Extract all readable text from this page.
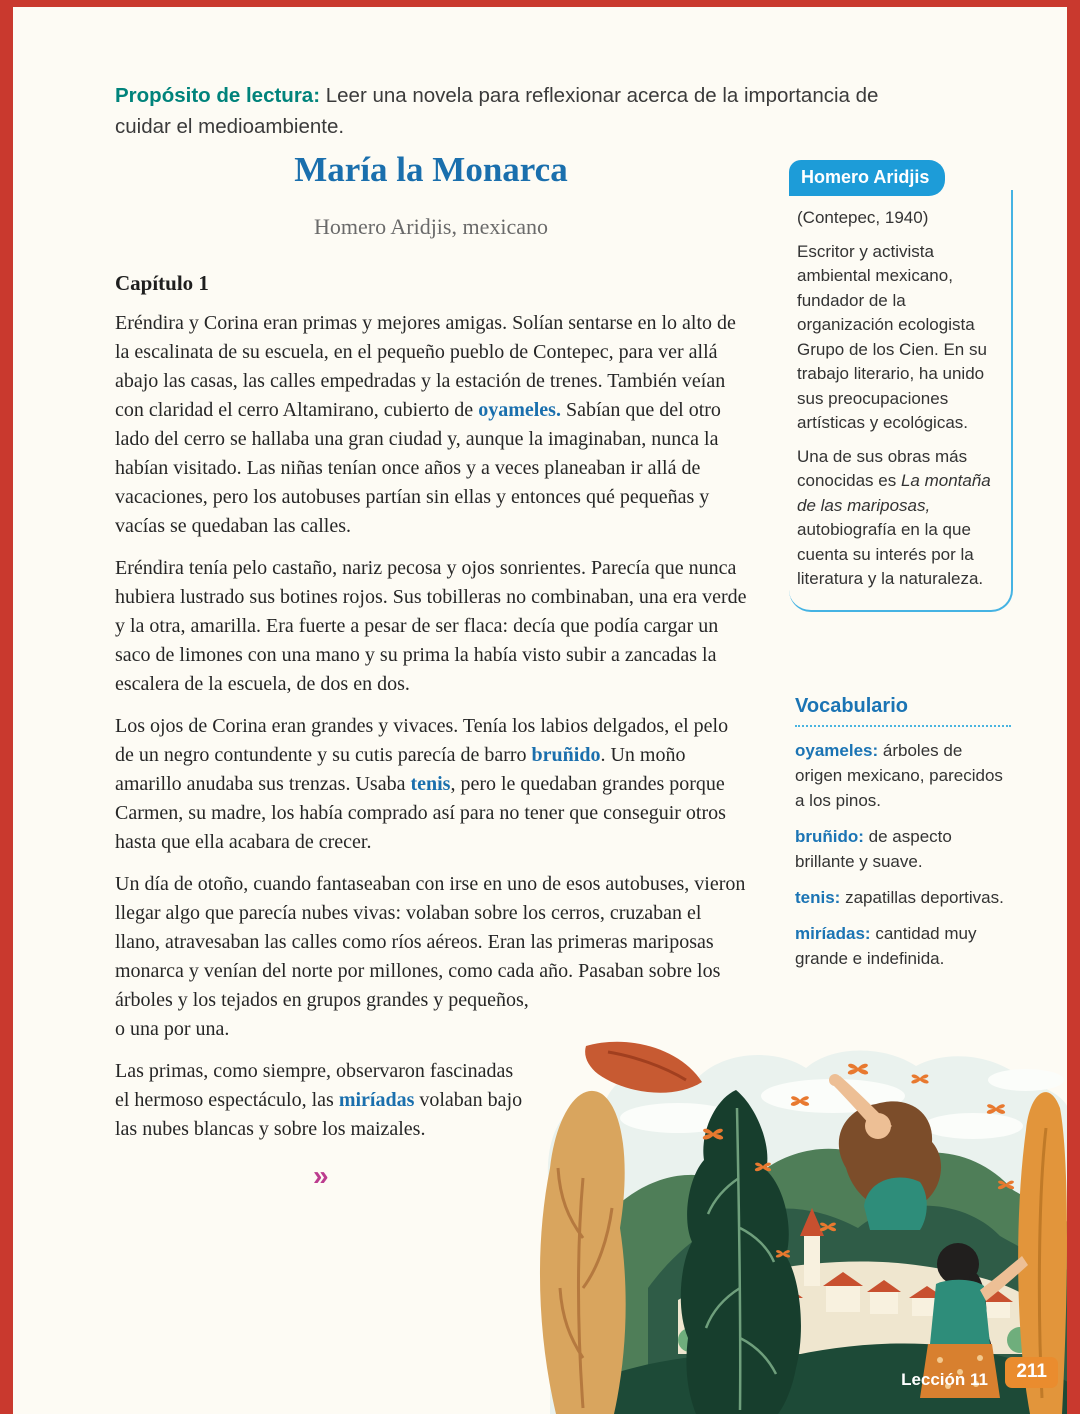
Propósito de lectura: Leer una novela para reflexionar acerca de la importancia de cuidar el medioambiente.

María la Monarca
Homero Aridjis, mexicano
Capítulo 1

Eréndira y Corina eran primas y mejores amigas. Solían sentarse en lo alto de la escalinata de su escuela, en el pequeño pueblo de Contepec, para ver allá abajo las casas, las calles empedradas y la estación de trenes. También veían con claridad el cerro Altamirano, cubierto de oyameles. Sabían que del otro lado del cerro se hallaba una gran ciudad y, aunque la imaginaban, nunca la habían visitado. Las niñas tenían once años y a veces planeaban ir allá de vacaciones, pero los autobuses partían sin ellas y entonces qué pequeñas y vacías se quedaban las calles.

Eréndira tenía pelo castaño, nariz pecosa y ojos sonrientes. Parecía que nunca hubiera lustrado sus botines rojos. Sus tobilleras no combinaban, una era verde y la otra, amarilla. Era fuerte a pesar de ser flaca: decía que podía cargar un saco de limones con una mano y su prima la había visto subir a zancadas la escalera de la escuela, de dos en dos.

Los ojos de Corina eran grandes y vivaces. Tenía los labios delgados, el pelo de un negro contundente y su cutis parecía de barro bruñido. Un moño amarillo anudaba sus trenzas. Usaba tenis, pero le quedaban grandes porque Carmen, su madre, los había comprado así para no tener que conseguir otros hasta que ella acabara de crecer.

Un día de otoño, cuando fantaseaban con irse en uno de esos autobuses, vieron llegar algo que parecía nubes vivas: volaban sobre los cerros, cruzaban el llano, atravesaban las calles como ríos aéreos. Eran las primeras mariposas monarca y venían del norte por millones, como cada año. Pasaban sobre los árboles y los tejados en grupos grandes y pequeños, o una por una.

Las primas, como siempre, observaron fascinadas el hermoso espectáculo, las miríadas volaban bajo las nubes blancas y sobre los maizales.

»
Homero Aridjis

(Contepec, 1940)

Escritor y activista ambiental mexicano, fundador de la organización ecologista Grupo de los Cien. En su trabajo literario, ha unido sus preocupaciones artísticas y ecológicas.

Una de sus obras más conocidas es La montaña de las mariposas, autobiografía en la que cuenta su interés por la literatura y la naturaleza.

Vocabulario

oyameles: árboles de origen mexicano, parecidos a los pinos.

bruñido: de aspecto brillante y suave.

tenis: zapatillas deportivas.

miríadas: cantidad muy grande e indefinida.

Lección 11	211
